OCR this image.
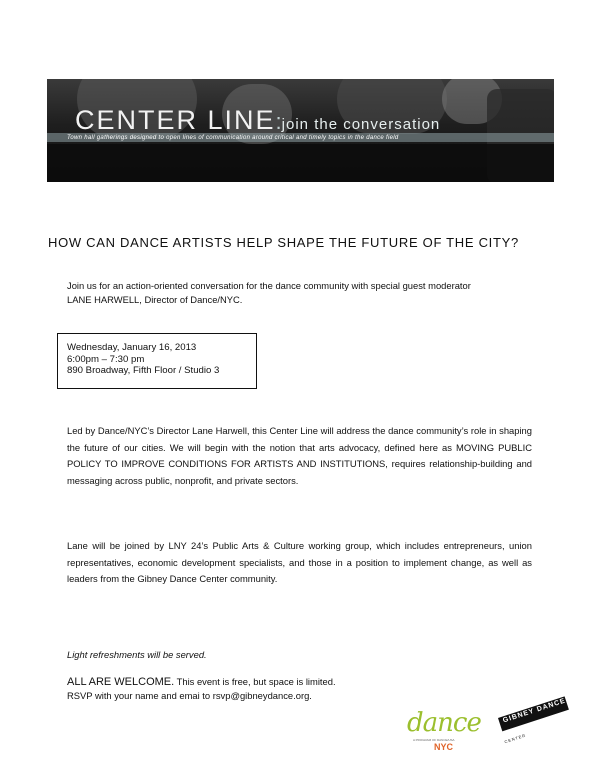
CENTER LINE:join the conversation

Town hall gatherings designed to open lines of communication around critical and timely topics in the dance field

HOW CAN DANCE ARTISTS HELP SHAPE THE FUTURE OF THE CITY?

Join us for an action-oriented conversation for the dance community with special guest moderator
LANE HARWELL, Director of Dance/NYC.

Wednesday, January 16, 2013
6:00pm – 7:30 pm
890 Broadway, Fifth Floor / Studio 3

Led by Dance/NYC’s Director Lane Harwell, this Center Line will address the dance community’s role in shaping the future of our cities. We will begin with the notion that arts advocacy, defined here as MOVING PUBLIC POLICY TO IMPROVE CONDITIONS FOR ARTISTS AND INSTITUTIONS, requires relationship-building and messaging across public, nonprofit, and private sectors.

Lane will be joined by LNY 24’s Public Arts & Culture working group, which includes entrepreneurs, union representatives, economic development specialists, and those in a position to implement change, as well as leaders from the Gibney Dance Center community.

Light refreshments will be served.

ALL ARE WELCOME. This event is free, but space is limited.
RSVP with your name and emai to rsvp@gibneydance.org.

dance

A PROGRAM OF DANCE/USA

NYC

GIBNEY DANCE

CENTER
